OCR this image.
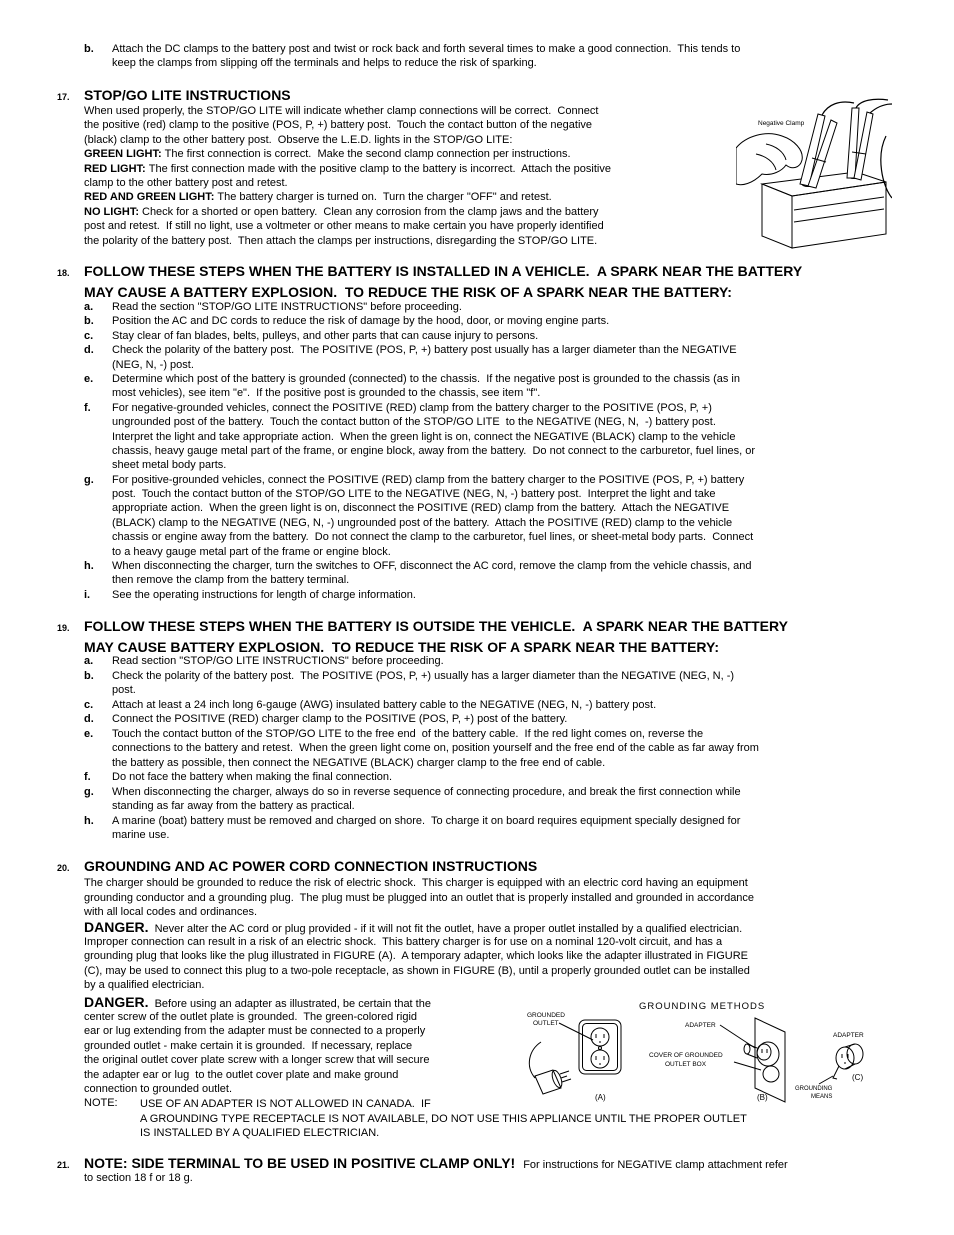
b. Attach the DC clamps to the battery post and twist or rock back and forth several times to make a good connection.  This tends to
keep the clamps from slipping off the terminals and helps to reduce the risk of sparking.
17. STOP/GO LITE INSTRUCTIONS
When used properly, the STOP/GO LITE will indicate whether clamp connections will be correct.  Connect
the positive (red) clamp to the positive (POS, P, +) battery post.  Touch the contact button of the negative
(black) clamp to the other battery post.  Observe the L.E.D. lights in the STOP/GO LITE:
GREEN LIGHT: The first connection is correct.  Make the second clamp connection per instructions.
RED LIGHT: The first connection made with the positive clamp to the battery is incorrect.  Attach the positive
clamp to the other battery post and retest.
RED AND GREEN LIGHT: The battery charger is turned on.  Turn the charger "OFF" and retest.
NO LIGHT: Check for a shorted or open battery.  Clean any corrosion from the clamp jaws and the battery
post and retest.  If still no light, use a voltmeter or other means to make certain you have properly identified
the polarity of the battery post.  Then attach the clamps per instructions, disregarding the STOP/GO LITE.
Negative Clamp
18. FOLLOW THESE STEPS WHEN THE BATTERY IS INSTALLED IN A VEHICLE.  A SPARK NEAR THE BATTERY
MAY CAUSE A BATTERY EXPLOSION.  TO REDUCE THE RISK OF A SPARK NEAR THE BATTERY:
a. Read the section "STOP/GO LITE INSTRUCTIONS" before proceeding.
b. Position the AC and DC cords to reduce the risk of damage by the hood, door, or moving engine parts.
c. Stay clear of fan blades, belts, pulleys, and other parts that can cause injury to persons.
d. Check the polarity of the battery post.  The POSITIVE (POS, P, +) battery post usually has a larger diameter than the NEGATIVE
(NEG, N, -) post.
e. Determine which post of the battery is grounded (connected) to the chassis.  If the negative post is grounded to the chassis (as in
most vehicles), see item "e".  If the positive post is grounded to the chassis, see item "f".
f. For negative-grounded vehicles, connect the POSITIVE (RED) clamp from the battery charger to the POSITIVE (POS, P, +)
ungrounded post of the battery.  Touch the contact button of the STOP/GO LITE  to the NEGATIVE (NEG, N,  -) battery post.
Interpret the light and take appropriate action.  When the green light is on, connect the NEGATIVE (BLACK) clamp to the vehicle
chassis, heavy gauge metal part of the frame, or engine block, away from the battery.  Do not connect to the carburetor, fuel lines, or
sheet metal body parts.
g. For positive-grounded vehicles, connect the POSITIVE (RED) clamp from the battery charger to the POSITIVE (POS, P, +) battery
post.  Touch the contact button of the STOP/GO LITE to the NEGATIVE (NEG, N, -) battery post.  Interpret the light and take
appropriate action.  When the green light is on, disconnect the POSITIVE (RED) clamp from the battery.  Attach the NEGATIVE
(BLACK) clamp to the NEGATIVE (NEG, N, -) ungrounded post of the battery.  Attach the POSITIVE (RED) clamp to the vehicle
chassis or engine away from the battery.  Do not connect the clamp to the carburetor, fuel lines, or sheet-metal body parts.  Connect
to a heavy gauge metal part of the frame or engine block.
h. When disconnecting the charger, turn the switches to OFF, disconnect the AC cord, remove the clamp from the vehicle chassis, and
then remove the clamp from the battery terminal.
i. See the operating instructions for length of charge information.
19. FOLLOW THESE STEPS WHEN THE BATTERY IS OUTSIDE THE VEHICLE.  A SPARK NEAR THE BATTERY
MAY CAUSE BATTERY EXPLOSION.  TO REDUCE THE RISK OF A SPARK NEAR THE BATTERY:
a. Read section "STOP/GO LITE INSTRUCTIONS" before proceeding.
b. Check the polarity of the battery post.  The POSITIVE (POS, P, +) usually has a larger diameter than the NEGATIVE (NEG, N, -)
post.
c. Attach at least a 24 inch long 6-gauge (AWG) insulated battery cable to the NEGATIVE (NEG, N, -) battery post.
d. Connect the POSITIVE (RED) charger clamp to the POSITIVE (POS, P, +) post of the battery.
e. Touch the contact button of the STOP/GO LITE to the free end  of the battery cable.  If the red light comes on, reverse the
connections to the battery and retest.  When the green light come on, position yourself and the free end of the cable as far away from
the battery as possible, then connect the NEGATIVE (BLACK) charger clamp to the free end of cable.
f. Do not face the battery when making the final connection.
g. When disconnecting the charger, always do so in reverse sequence of connecting procedure, and break the first connection while
standing as far away from the battery as practical.
h. A marine (boat) battery must be removed and charged on shore.  To charge it on board requires equipment specially designed for
marine use.
20. GROUNDING AND AC POWER CORD CONNECTION INSTRUCTIONS
The charger should be grounded to reduce the risk of electric shock.  This charger is equipped with an electric cord having an equipment
grounding conductor and a grounding plug.  The plug must be plugged into an outlet that is properly installed and grounded in accordance
with all local codes and ordinances.
DANGER. Never alter the AC cord or plug provided - if it will not fit the outlet, have a proper outlet installed by a qualified electrician.
Improper connection can result in a risk of an electric shock.  This battery charger is for use on a nominal 120-volt circuit, and has a
grounding plug that looks like the plug illustrated in FIGURE (A).  A temporary adapter, which looks like the adapter illustrated in FIGURE
(C), may be used to connect this plug to a two-pole receptacle, as shown in FIGURE (B), until a properly grounded outlet can be installed
by a qualified electrician.
DANGER. Before using an adapter as illustrated, be certain that the
center screw of the outlet plate is grounded.  The green-colored rigid
ear or lug extending from the adapter must be connected to a properly
grounded outlet - make certain it is grounded.  If necessary, replace
the original outlet cover plate screw with a longer screw that will secure
the adapter ear or lug  to the outlet cover plate and make ground
connection to grounded outlet.
NOTE: USE OF AN ADAPTER IS NOT ALLOWED IN CANADA.  IF
A GROUNDING TYPE RECEPTACLE IS NOT AVAILABLE, DO NOT USE THIS APPLIANCE UNTIL THE PROPER OUTLET
IS INSTALLED BY A QUALIFIED ELECTRICIAN.
GROUNDING METHODS
GROUNDED
OUTLET
(A)
ADAPTER
COVER OF GROUNDED
OUTLET BOX
(B)
ADAPTER
GROUNDING
MEANS
(C)
21. NOTE: SIDE TERMINAL TO BE USED IN POSITIVE CLAMP ONLY! For instructions for NEGATIVE clamp attachment refer
to section 18 f or 18 g.
